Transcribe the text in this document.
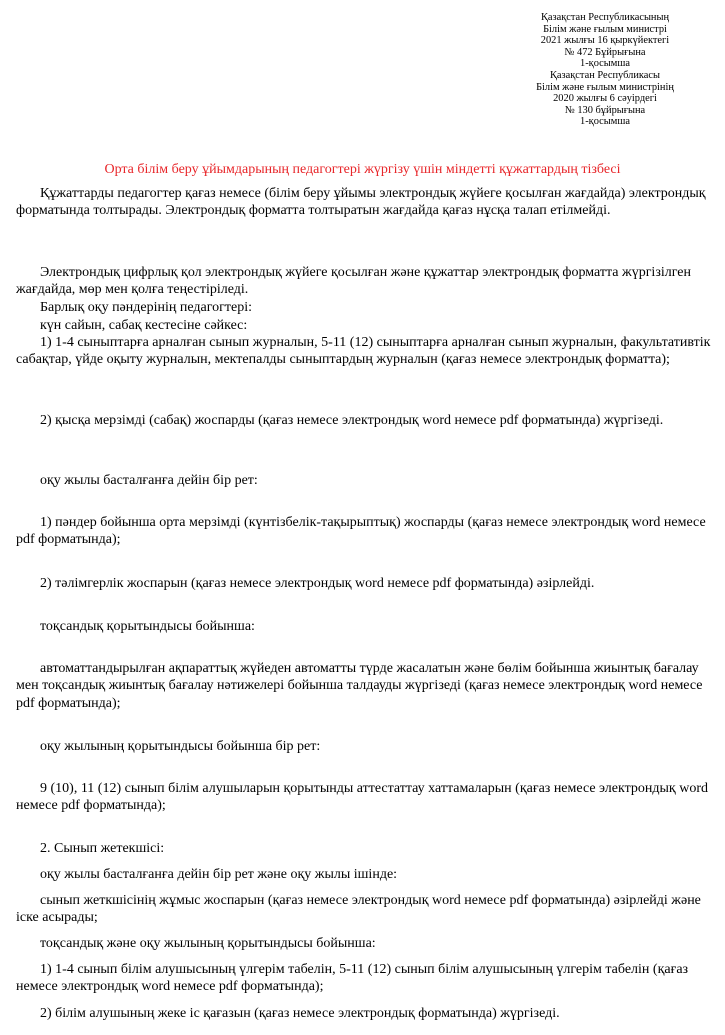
Қазақстан Республикасының
Білім және ғылым министрі
2021 жылғы 16 қыркүйектегі
№ 472 Бұйрығына
1-қосымша
Қазақстан Республикасы
Білім және ғылым министрінің
2020 жылғы 6 сәуірдегі
№ 130 бұйрығына
1-қосымша
Орта білім беру ұйымдарының педагогтері жүргізу үшін міндетті құжаттардың тізбесі

Құжаттарды педагогтер қағаз немесе (білім беру ұйымы электрондық жүйеге қосылған жағдайда) электрондық форматында толтырады. Электрондық форматта толтыратын жағдайда қағаз нұсқа талап етілмейді.

Электрондық цифрлық қол электрондық жүйеге қосылған және құжаттар электрондық форматта жүргізілген жағдайда, мөр мен қолға теңестіріледі.

Барлық оқу пәндерінің педагогтері:

күн сайын, сабақ кестесіне сәйкес:

1) 1-4 сыныптарға арналған сынып журналын, 5-11 (12) сыныптарға арналған сынып журналын, факультативтік сабақтар, үйде оқыту журналын, мектепалды сыныптардың журналын (қағаз немесе электрондық форматта);

2) қысқа мерзімді (сабақ) жоспарды (қағаз немесе электрондық word немесе pdf форматында) жүргізеді.

оқу жылы басталғанға дейін бір рет:

1) пәндер бойынша орта мерзімді (күнтізбелік-тақырыптық) жоспарды (қағаз немесе электрондық word немесе pdf форматында);

2) тәлімгерлік жоспарын (қағаз немесе электрондық word немесе pdf форматында) әзірлейді.

тоқсандық қорытындысы бойынша:

автоматтандырылған ақпараттық жүйеден автоматты түрде жасалатын және бөлім бойынша жиынтық бағалау мен тоқсандық жиынтық бағалау нәтижелері бойынша талдауды жүргізеді (қағаз немесе электрондық word немесе pdf форматында);

оқу жылының қорытындысы бойынша бір рет:

9 (10), 11 (12) сынып білім алушыларын қорытынды аттестаттау хаттамаларын (қағаз немесе электрондық word немесе pdf форматында);

2. Сынып жетекшісі:

оқу жылы басталғанға дейін бір рет және оқу жылы ішінде:

сынып жеткшісінің жұмыс жоспарын (қағаз немесе электрондық word немесе pdf форматында) әзірлейді және іске асырады;

тоқсандық және оқу жылының қорытындысы бойынша:

1) 1-4 сынып білім алушысының үлгерім табелін, 5-11 (12) сынып білім алушысының үлгерім табелін (қағаз немесе электрондық word немесе pdf форматында);

2) білім алушының жеке іс қағазын (қағаз немесе электрондық форматында) жүргізеді.
